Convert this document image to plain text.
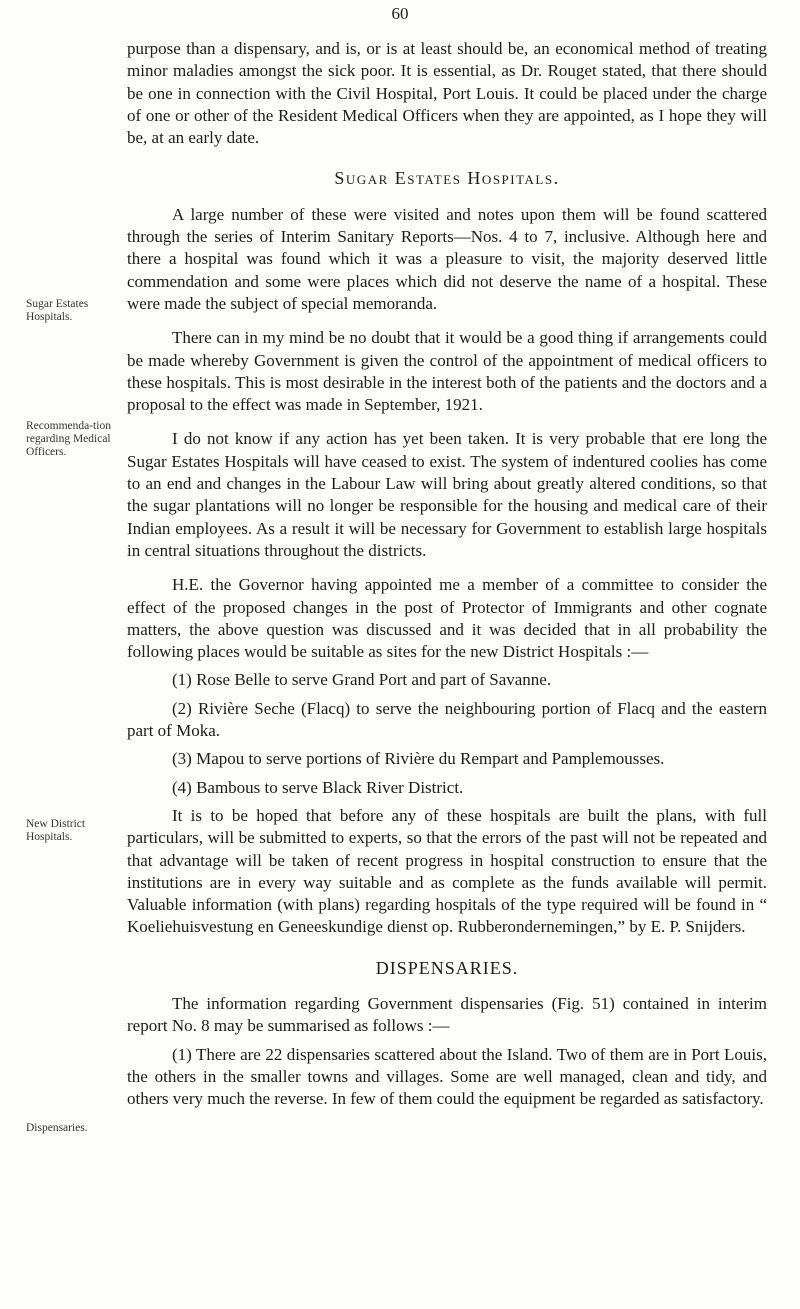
60
Sugar Estates Hospitals.
Recommenda-tion regarding Medical Officers.
New District Hospitals.
Dispensaries.

purpose than a dispensary, and is, or is at least should be, an economical method of treating minor maladies amongst the sick poor. It is essential, as Dr. Rouget stated, that there should be one in connection with the Civil Hospital, Port Louis. It could be placed under the charge of one or other of the Resident Medical Officers when they are appointed, as I hope they will be, at an early date.

Sugar Estates Hospitals.

A large number of these were visited and notes upon them will be found scattered through the series of Interim Sanitary Reports—Nos. 4 to 7, inclusive. Although here and there a hospital was found which it was a pleasure to visit, the majority deserved little commendation and some were places which did not deserve the name of a hospital. These were made the subject of special memoranda.

There can in my mind be no doubt that it would be a good thing if arrangements could be made whereby Government is given the control of the appointment of medical officers to these hospitals. This is most desirable in the interest both of the patients and the doctors and a proposal to the effect was made in September, 1921.

I do not know if any action has yet been taken. It is very probable that ere long the Sugar Estates Hospitals will have ceased to exist. The system of indentured coolies has come to an end and changes in the Labour Law will bring about greatly altered conditions, so that the sugar plantations will no longer be responsible for the housing and medical care of their Indian employees. As a result it will be necessary for Government to establish large hospitals in central situations throughout the districts.

H.E. the Governor having appointed me a member of a committee to consider the effect of the proposed changes in the post of Protector of Immigrants and other cognate matters, the above question was discussed and it was decided that in all probability the following places would be suitable as sites for the new District Hospitals :—

(1) Rose Belle to serve Grand Port and part of Savanne.

(2) Rivière Seche (Flacq) to serve the neighbouring portion of Flacq and the eastern part of Moka.

(3) Mapou to serve portions of Rivière du Rempart and Pamplemousses.

(4) Bambous to serve Black River District.

It is to be hoped that before any of these hospitals are built the plans, with full particulars, will be submitted to experts, so that the errors of the past will not be repeated and that advantage will be taken of recent progress in hospital construction to ensure that the institutions are in every way suitable and as complete as the funds available will permit. Valuable information (with plans) regarding hospitals of the type required will be found in “ Koeliehuisvestung en Geneeskundige dienst op. Rubberondernemingen,” by E. P. Snijders.

DISPENSARIES.

The information regarding Government dispensaries (Fig. 51) contained in interim report No. 8 may be summarised as follows :—

(1) There are 22 dispensaries scattered about the Island. Two of them are in Port Louis, the others in the smaller towns and villages. Some are well managed, clean and tidy, and others very much the reverse. In few of them could the equipment be regarded as satisfactory.
